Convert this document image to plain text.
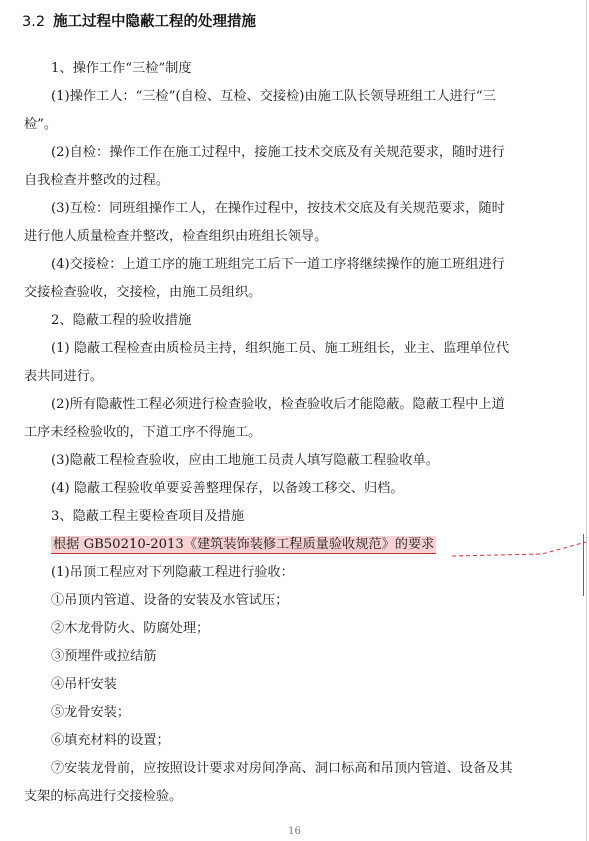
3.2 施工过程中隐蔽工程的处理措施
1、操作工作“三检”制度
(1)操作工人：“三检”(自检、互检、交接检)由施工队长领导班组工人进行“三
检”。
(2)自检：操作工作在施工过程中，接施工技术交底及有关规范要求，随时进行
自我检查并整改的过程。
(3)互检：同班组操作工人，在操作过程中，按技术交底及有关规范要求，随时
进行他人质量检查并整改，检查组织由班组长领导。
(4)交接检：上道工序的施工班组完工后下一道工序将继续操作的施工班组进行
交接检查验收，交接检，由施工员组织。
2、隐蔽工程的验收措施
(1) 隐蔽工程检查由质检员主持，组织施工员、施工班组长，业主、监理单位代
表共同进行。
(2)所有隐蔽性工程必须进行检查验收，检查验收后才能隐蔽。隐蔽工程中上道
工序未经检验收的，下道工序不得施工。
(3)隐蔽工程检查验收，应由工地施工员责人填写隐蔽工程验收单。
(4) 隐蔽工程验收单要妥善整理保存，以备竣工移交、归档。
3、隐蔽工程主要检查项目及措施
根据 GB50210-2013《建筑装饰装修工程质量验收规范》的要求
(1)吊顶工程应对下列隐蔽工程进行验收：
①吊顶内管道、设备的安装及水管试压；
②木龙骨防火、防腐处理；
③预埋件或拉结筋
④吊杆安装
⑤龙骨安装；
⑥填充材料的设置；
⑦安装龙骨前，应按照设计要求对房间净高、洞口标高和吊顶内管道、设备及其
支架的标高进行交接检验。
16
